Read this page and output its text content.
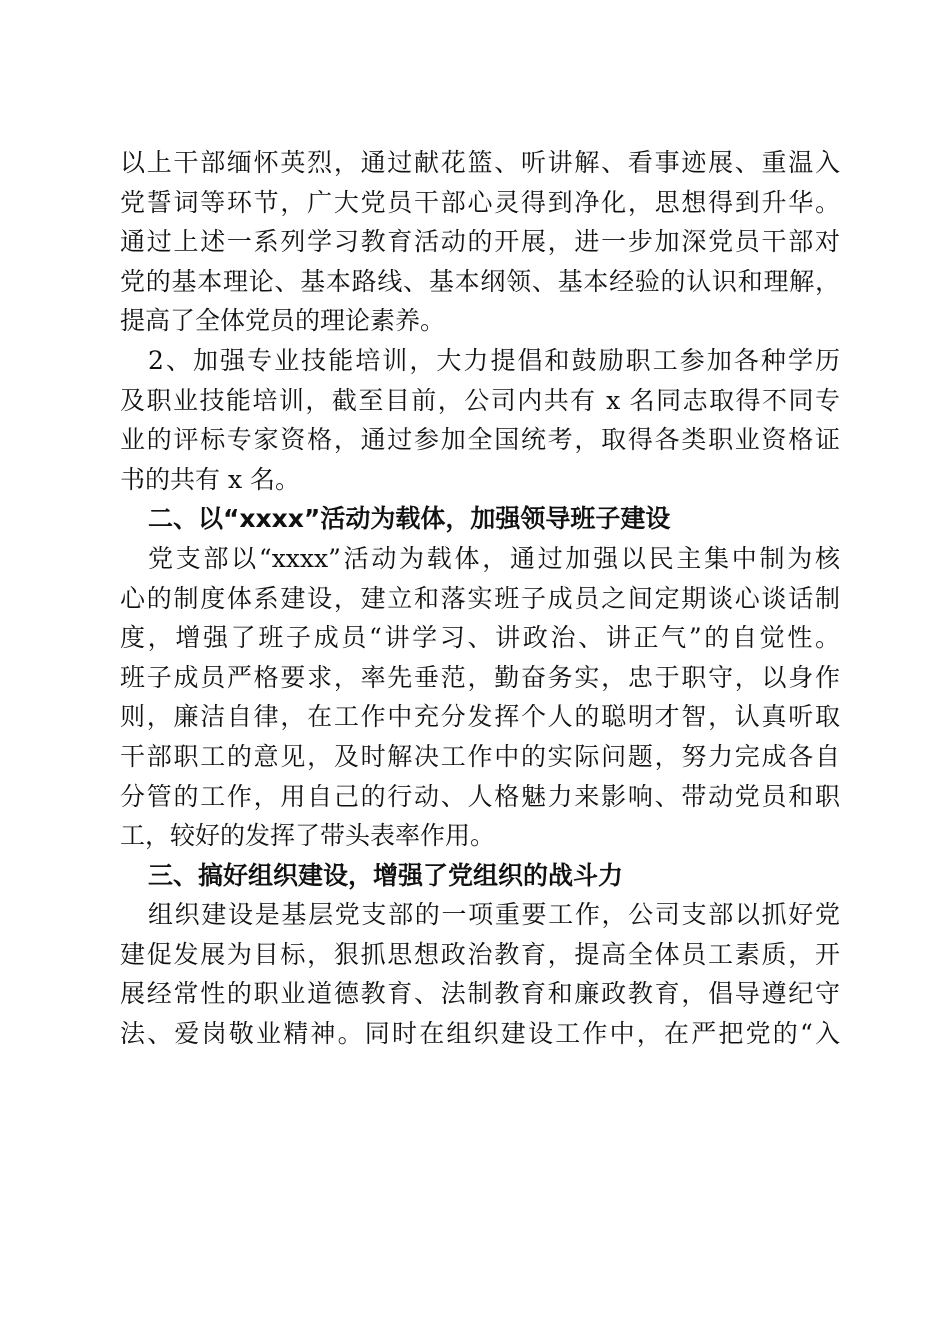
以上干部缅怀英烈，通过献花篮、听讲解、看事迹展、重温入
党誓词等环节，广大党员干部心灵得到净化，思想得到升华。
通过上述一系列学习教育活动的开展，进一步加深党员干部对
党的基本理论、基本路线、基本纲领、基本经验的认识和理解，
提高了全体党员的理论素养。
2、加强专业技能培训，大力提倡和鼓励职工参加各种学历
及职业技能培训，截至目前，公司内共有 x 名同志取得不同专
业的评标专家资格，通过参加全国统考，取得各类职业资格证
书的共有 x 名。
二、以“xxxx”活动为载体，加强领导班子建设
党支部以“xxxx”活动为载体，通过加强以民主集中制为核
心的制度体系建设，建立和落实班子成员之间定期谈心谈话制
度，增强了班子成员“讲学习、讲政治、讲正气”的自觉性。
班子成员严格要求，率先垂范，勤奋务实，忠于职守，以身作
则，廉洁自律，在工作中充分发挥个人的聪明才智，认真听取
干部职工的意见，及时解决工作中的实际问题，努力完成各自
分管的工作，用自己的行动、人格魅力来影响、带动党员和职
工，较好的发挥了带头表率作用。
三、搞好组织建设，增强了党组织的战斗力
组织建设是基层党支部的一项重要工作，公司支部以抓好党
建促发展为目标，狠抓思想政治教育，提高全体员工素质，开
展经常性的职业道德教育、法制教育和廉政教育，倡导遵纪守
法、爱岗敬业精神。同时在组织建设工作中，在严把党的“入
